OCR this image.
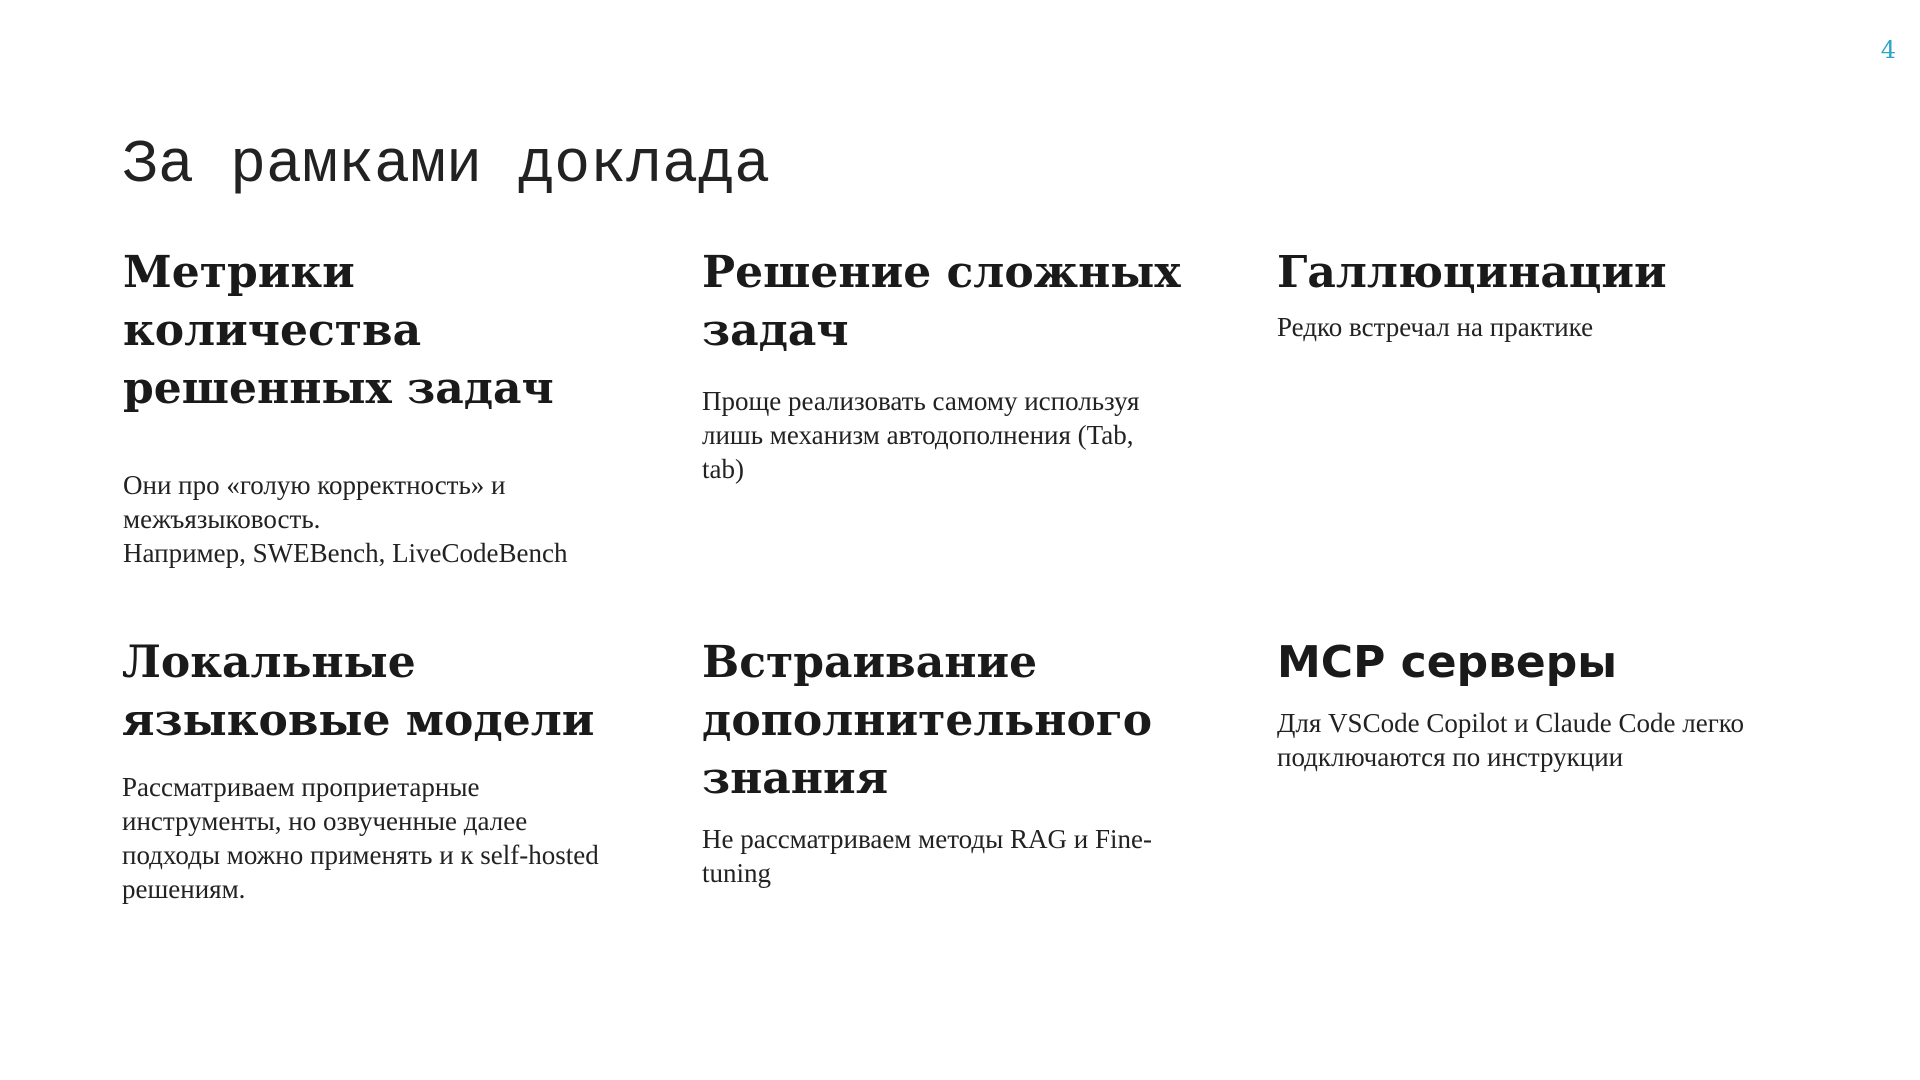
4
За рамками доклада
Метрики количества
решенных задач

Они про «голую корректность» и
межъязыковость.
Например, SWEBench, LiveCodeBench

Решение сложных
задач

Проще реализовать самому используя
лишь механизм автодополнения (Tab,
tab)

Галлюцинации

Редко встречал на практике

Локальные
языковые модели

Рассматриваем проприетарные
инструменты, но озвученные далее
подходы можно применять и к self-hosted
решениям.

Встраивание
дополнительного
знания

Не рассматриваем методы RAG и Fine-
tuning

MCP серверы

Для VSCode Copilot и Claude Code легко
подключаются по инструкции
